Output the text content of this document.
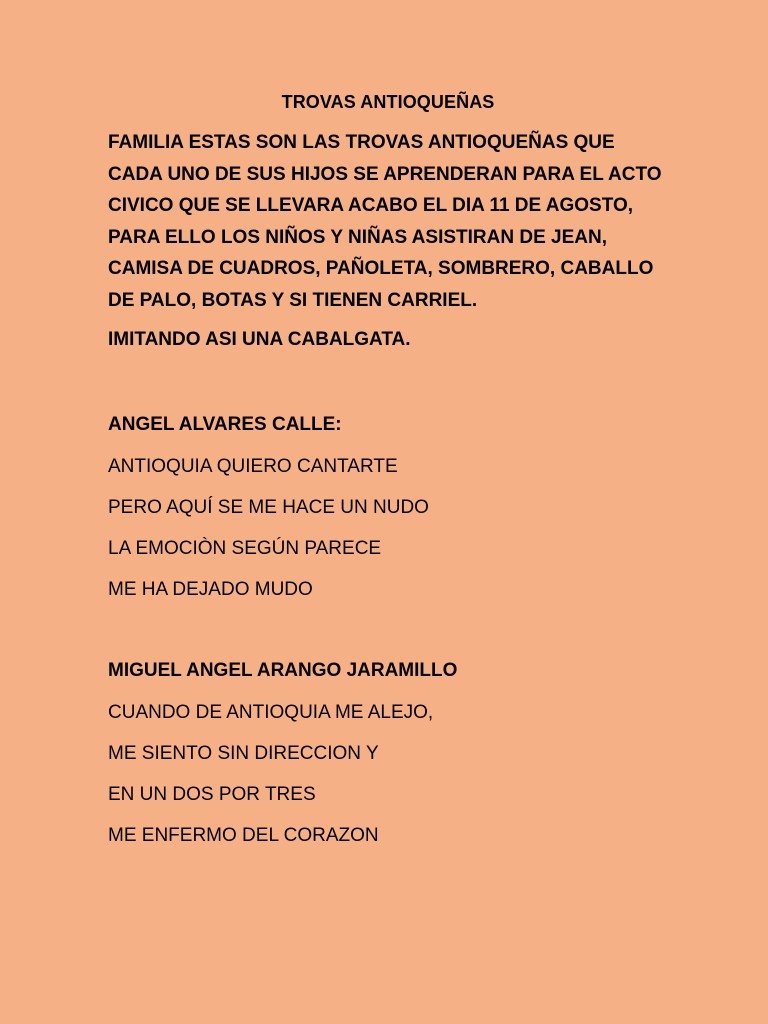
TROVAS ANTIOQUEÑAS
FAMILIA ESTAS SON LAS TROVAS ANTIOQUEÑAS QUE
CADA UNO DE SUS HIJOS SE APRENDERAN PARA EL ACTO
CIVICO QUE SE LLEVARA ACABO EL DIA 11 DE AGOSTO,
PARA ELLO LOS NIÑOS Y NIÑAS ASISTIRAN DE JEAN,
CAMISA DE CUADROS, PAÑOLETA, SOMBRERO, CABALLO
DE PALO, BOTAS Y SI TIENEN CARRIEL.

IMITANDO ASI UNA CABALGATA.

ANGEL ALVARES CALLE:

ANTIOQUIA QUIERO CANTARTE

PERO AQUÍ SE ME HACE UN NUDO

LA EMOCIÒN SEGÚN PARECE

ME HA DEJADO MUDO

MIGUEL ANGEL ARANGO JARAMILLO

CUANDO DE ANTIOQUIA ME ALEJO,

ME SIENTO SIN DIRECCION Y

EN UN DOS POR TRES

ME ENFERMO DEL CORAZON
